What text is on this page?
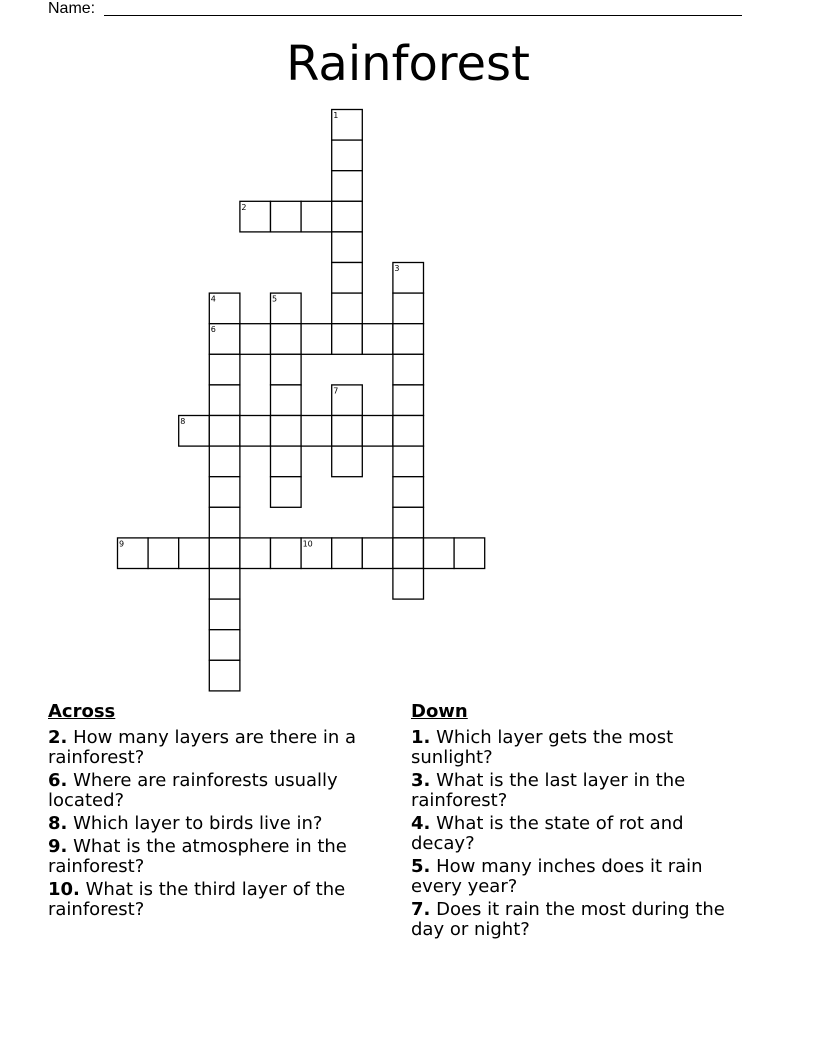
Name:
Rainforest
1
2
3
4	5
6
7
8
9	10
Across
2. How many layers are there in a rainforest?
6. Where are rainforests usually located?
8. Which layer to birds live in?
9. What is the atmosphere in the rainforest?
10. What is the third layer of the rainforest?
Down
1. Which layer gets the most sunlight?
3. What is the last layer in the rainforest?
4. What is the state of rot and decay?
5. How many inches does it rain every year?
7. Does it rain the most during the day or night?
